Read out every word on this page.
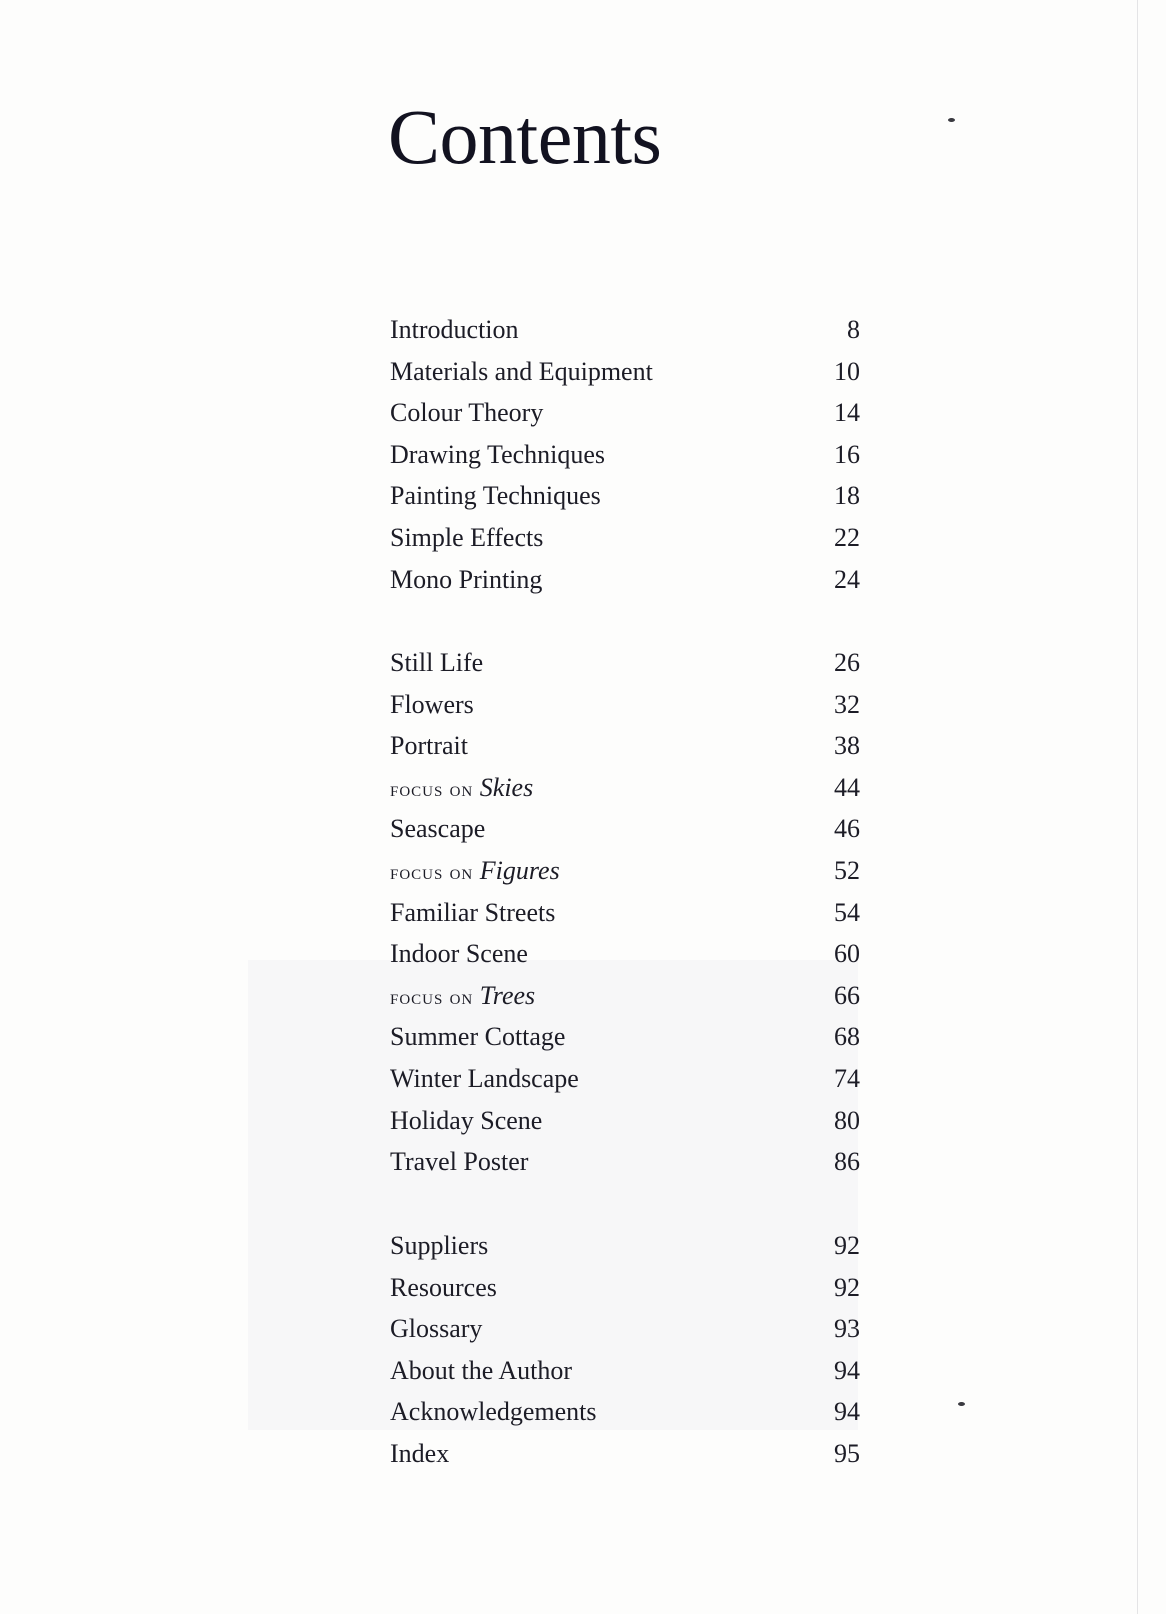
Contents
Introduction	8
Materials and Equipment	10
Colour Theory	14
Drawing Techniques	16
Painting Techniques	18
Simple Effects	22
Mono Printing	24
Still Life	26
Flowers	32
Portrait	38
focus on Skies	44
Seascape	46
focus on Figures	52
Familiar Streets	54
Indoor Scene	60
focus on Trees	66
Summer Cottage	68
Winter Landscape	74
Holiday Scene	80
Travel Poster	86
Suppliers	92
Resources	92
Glossary	93
About the Author	94
Acknowledgements	94
Index	95
